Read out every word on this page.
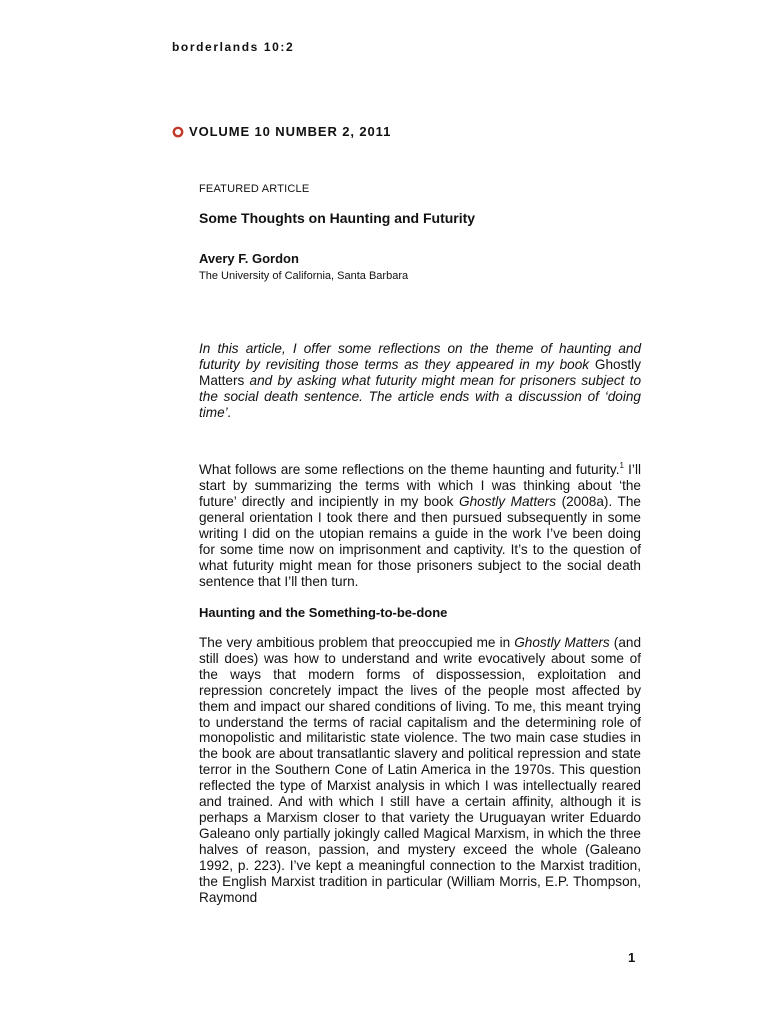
borderlands 10:2
VOLUME 10 NUMBER 2, 2011
FEATURED ARTICLE
Some Thoughts on Haunting and Futurity
Avery F. Gordon
The University of California, Santa Barbara

In this article, I offer some reflections on the theme of haunting and futurity by revisiting those terms as they appeared in my book Ghostly Matters and by asking what futurity might mean for prisoners subject to the social death sentence. The article ends with a discussion of ‘doing time’.

What follows are some reflections on the theme haunting and futurity.$^1$ I’ll start by summarizing the terms with which I was thinking about ‘the future’ directly and incipiently in my book Ghostly Matters (2008a). The general orientation I took there and then pursued subsequently in some writing I did on the utopian remains a guide in the work I’ve been doing for some time now on imprisonment and captivity. It’s to the question of what futurity might mean for those prisoners subject to the social death sentence that I’ll then turn.

Haunting and the Something-to-be-done

The very ambitious problem that preoccupied me in Ghostly Matters (and still does) was how to understand and write evocatively about some of the ways that modern forms of dispossession, exploitation and repression concretely impact the lives of the people most affected by them and impact our shared conditions of living. To me, this meant trying to understand the terms of racial capitalism and the determining role of monopolistic and militaristic state violence. The two main case studies in the book are about transatlantic slavery and political repression and state terror in the Southern Cone of Latin America in the 1970s. This question reflected the type of Marxist analysis in which I was intellectually reared and trained. And with which I still have a certain affinity, although it is perhaps a Marxism closer to that variety the Uruguayan writer Eduardo Galeano only partially jokingly called Magical Marxism, in which the three halves of reason, passion, and mystery exceed the whole (Galeano 1992, p. 223). I’ve kept a meaningful connection to the Marxist tradition, the English Marxist tradition in particular (William Morris, E.P. Thompson, Raymond

1
